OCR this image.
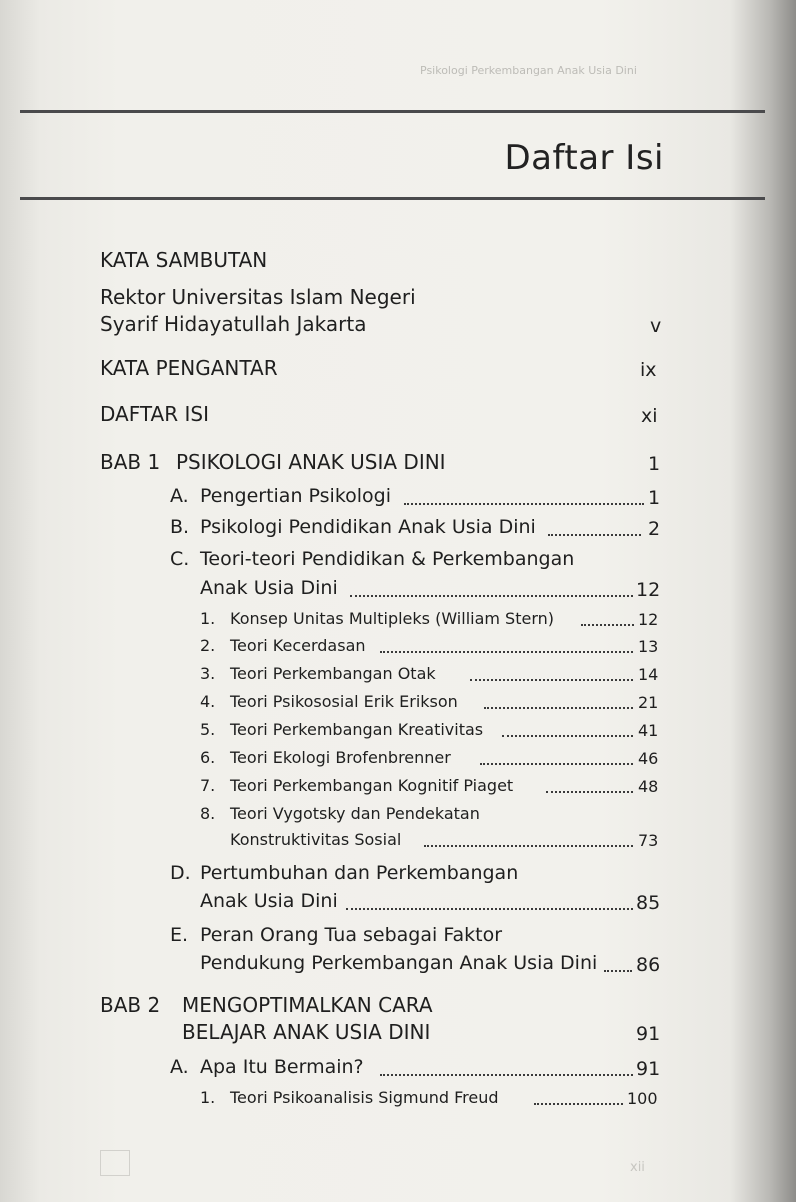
Psikologi Perkembangan Anak Usia Dini
Daftar Isi
KATA SAMBUTAN
Rektor Universitas Islam Negeri
Syarif Hidayatullah Jakarta	v
KATA PENGANTAR	ix
DAFTAR ISI	xi
BAB 1 PSIKOLOGI ANAK USIA DINI	1
A. Pengertian Psikologi	1
B. Psikologi Pendidikan Anak Usia Dini	2
C. Teori-teori Pendidikan & Perkembangan
Anak Usia Dini	12
1. Konsep Unitas Multipleks (William Stern)	12
2. Teori Kecerdasan	13
3. Teori Perkembangan Otak	14
4. Teori Psikososial Erik Erikson	21
5. Teori Perkembangan Kreativitas	41
6. Teori Ekologi Brofenbrenner	46
7. Teori Perkembangan Kognitif Piaget	48
8. Teori Vygotsky dan Pendekatan
Konstruktivitas Sosial	73
D. Pertumbuhan dan Perkembangan
Anak Usia Dini	85
E. Peran Orang Tua sebagai Faktor
Pendukung Perkembangan Anak Usia Dini 86
BAB 2 MENGOPTIMALKAN CARA
BELAJAR ANAK USIA DINI	91
A. Apa Itu Bermain?	91
1. Teori Psikoanalisis Sigmund Freud	100
xii
